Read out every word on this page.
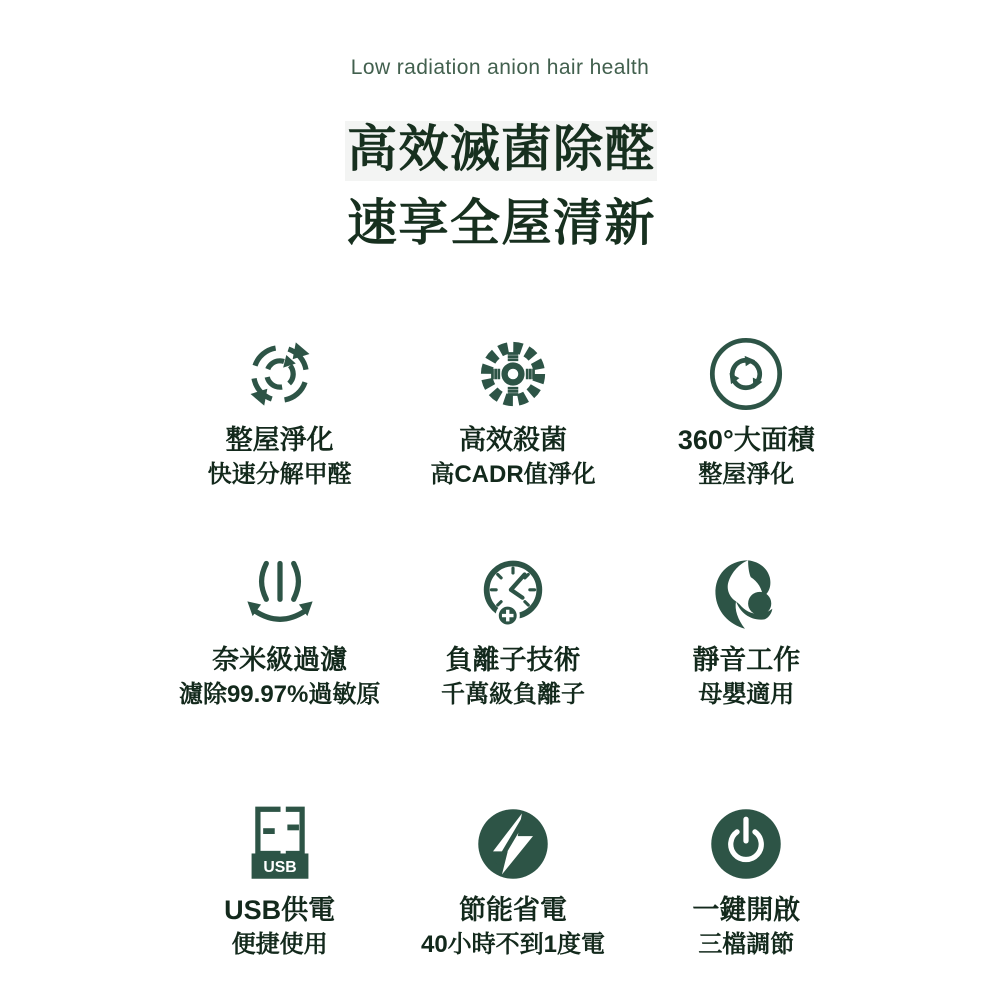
Low radiation anion hair health
高效滅菌除醛
速享全屋清新
整屋淨化
快速分解甲醛
高效殺菌
高CADR值淨化
360°大面積
整屋淨化
奈米級過濾
濾除99.97%過敏原
負離子技術
千萬級負離子
靜音工作
母嬰適用
USB
USB供電
便捷使用
節能省電
40小時不到1度電
一鍵開啟
三檔調節
